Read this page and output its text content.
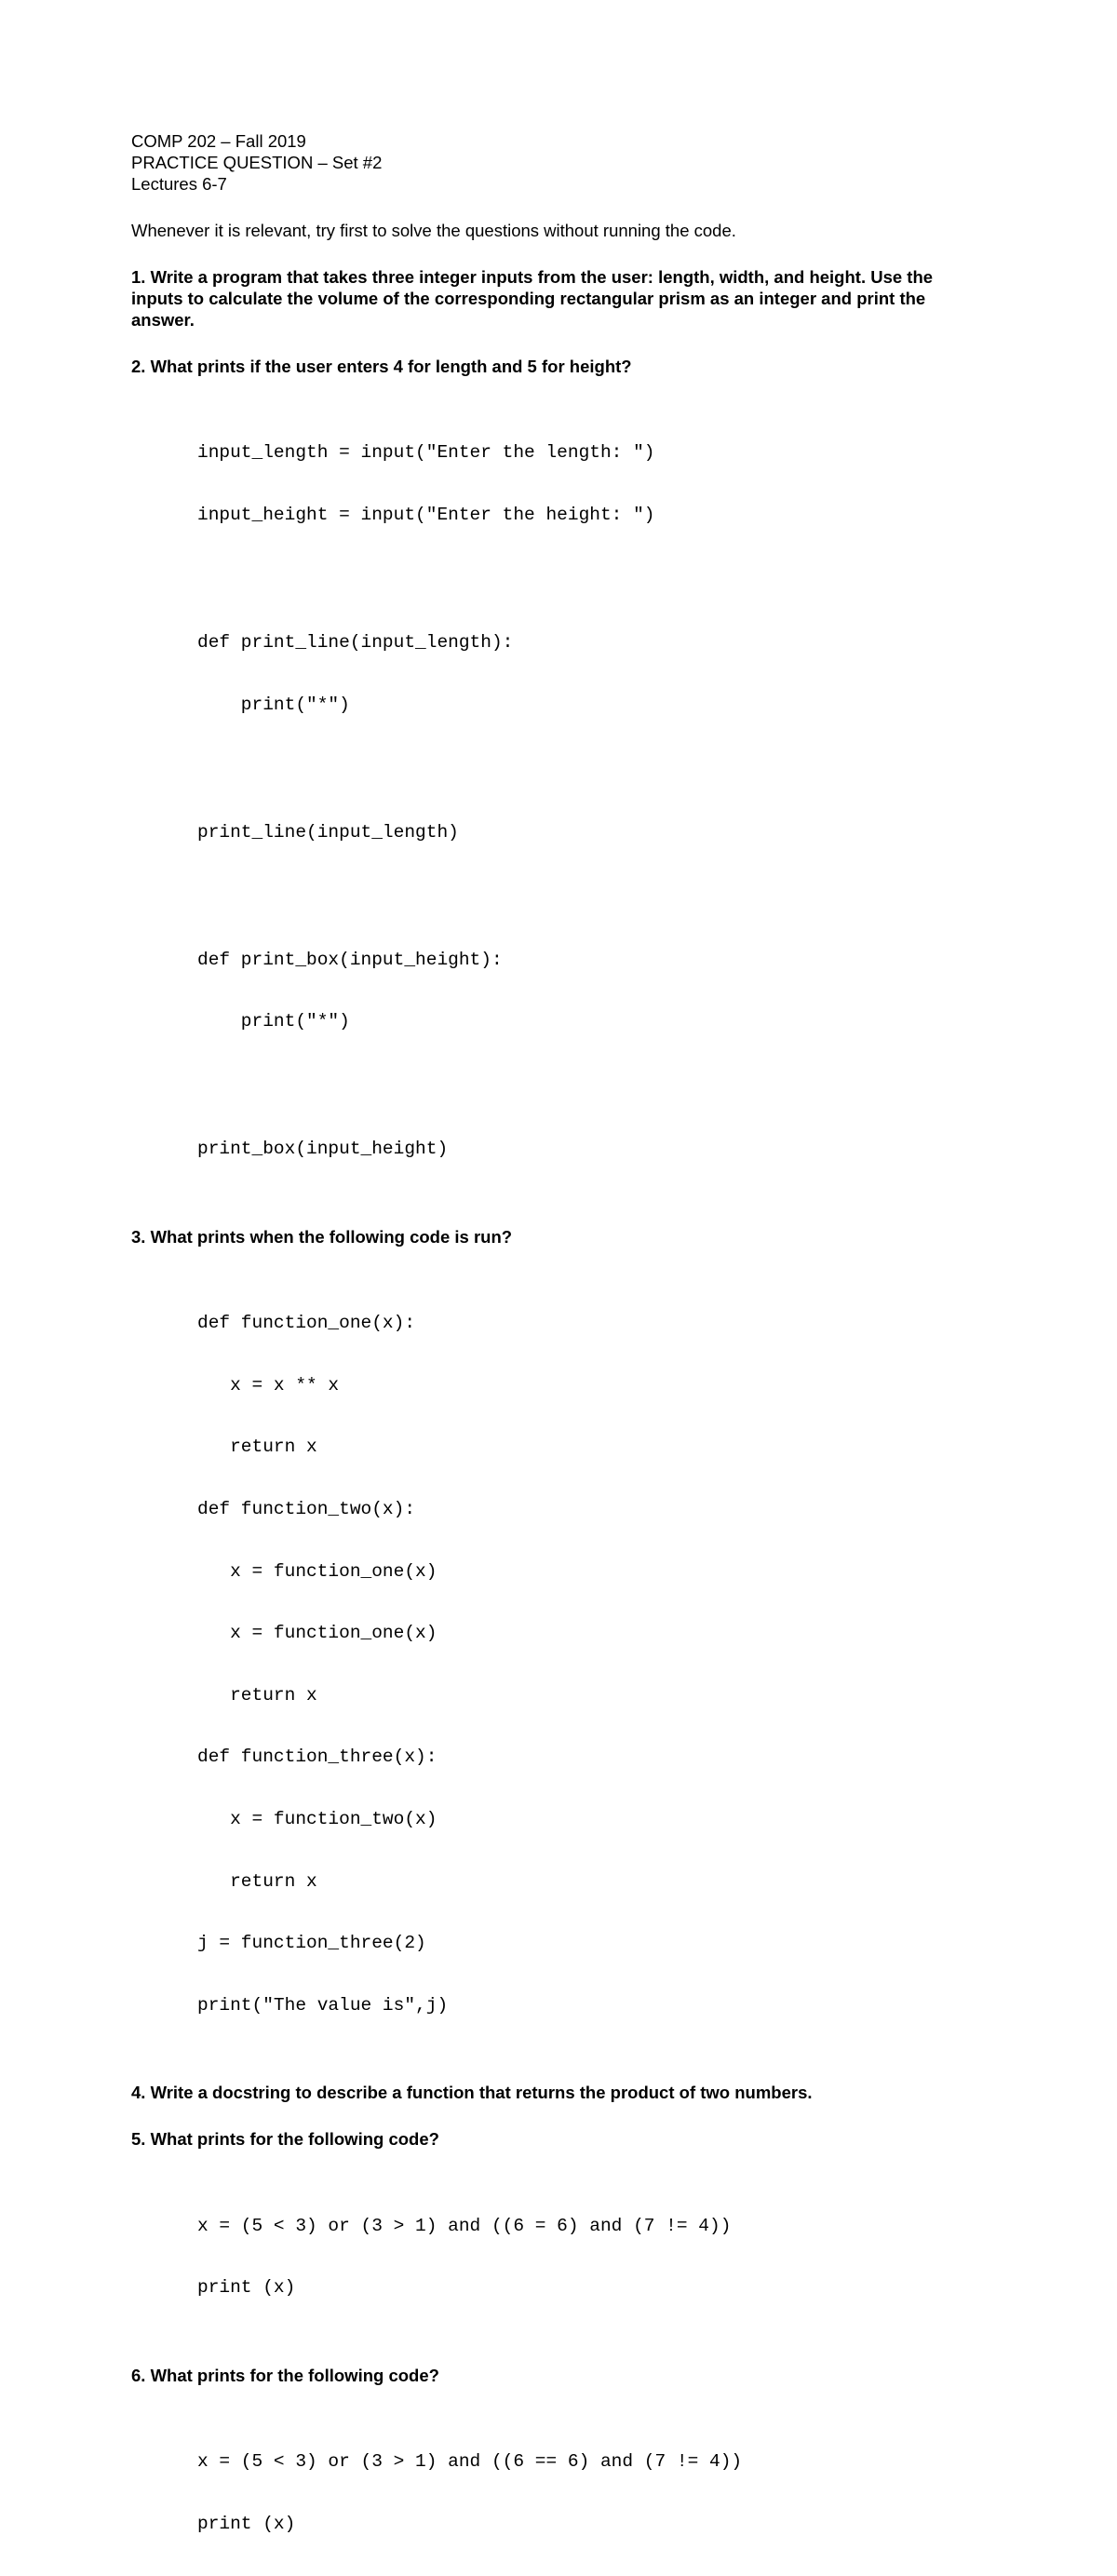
COMP 202 – Fall 2019

PRACTICE QUESTION – Set #2

Lectures 6-7

Whenever it is relevant, try first to solve the questions without running the code.

1. Write a program that takes three integer inputs from the user: length, width, and height. Use the inputs to calculate the volume of the corresponding rectangular prism as an integer and print the answer.

2. What prints if the user enters 4 for length and 5 for height?

input_length = input("Enter the length: ")

input_height = input("Enter the height: ")

def print_line(input_length):

print("*")

print_line(input_length)

def print_box(input_height):

print("*")

print_box(input_height)

3. What prints when the following code is run?

def function_one(x):

x = x ** x

return x

def function_two(x):

x = function_one(x)

x = function_one(x)

return x

def function_three(x):

x = function_two(x)

return x

j = function_three(2)

print("The value is",j)

4. Write a docstring to describe a function that returns the product of two numbers.

5. What prints for the following code?

x = (5 < 3) or (3 > 1) and ((6 = 6) and (7 != 4))

print (x)

6. What prints for the following code?

x = (5 < 3) or (3 > 1) and ((6 == 6) and (7 != 4))

print (x)
